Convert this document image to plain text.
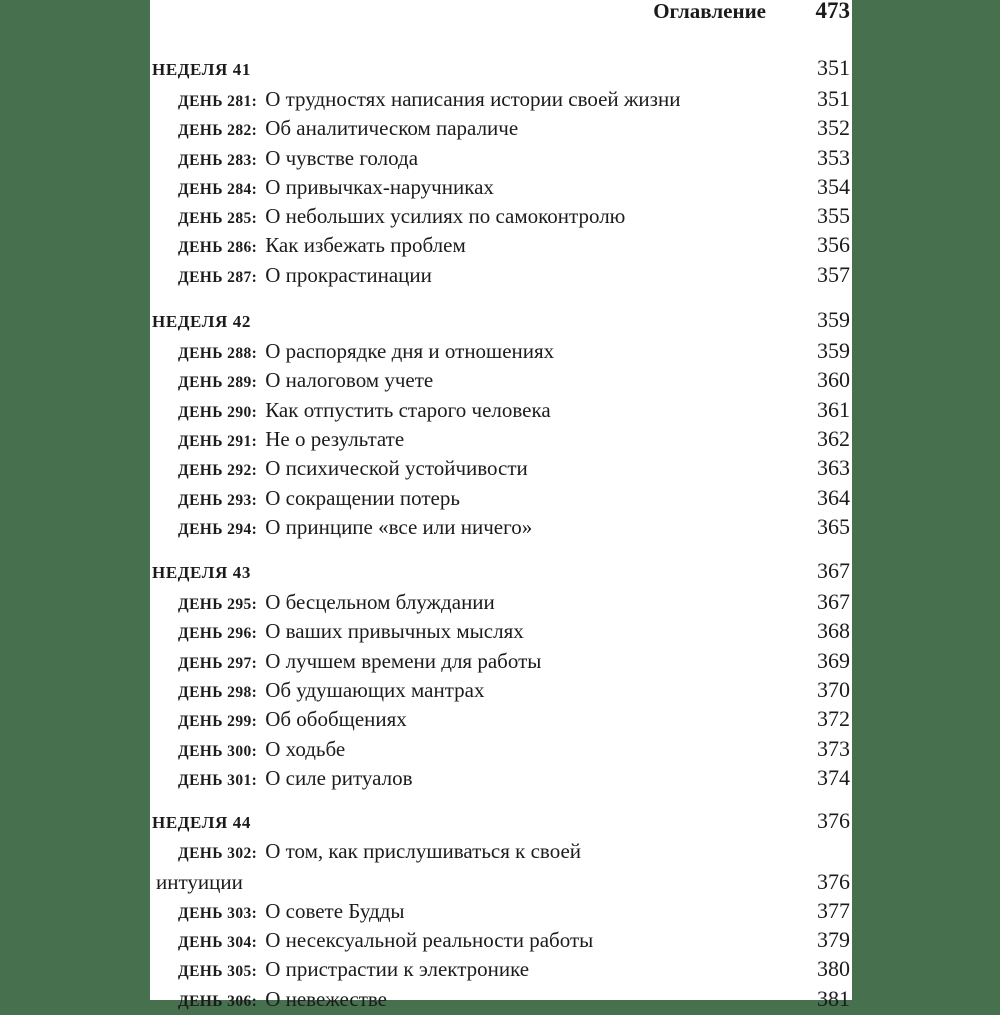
Оглавление	473
НЕДЕЛЯ 41	351
ДЕНЬ 281: О трудностях написания истории своей жизни	351
ДЕНЬ 282: Об аналитическом параличе	352
ДЕНЬ 283: О чувстве голода	353
ДЕНЬ 284: О привычках-наручниках	354
ДЕНЬ 285: О небольших усилиях по самоконтролю	355
ДЕНЬ 286: Как избежать проблем	356
ДЕНЬ 287: О прокрастинации	357
НЕДЕЛЯ 42	359
ДЕНЬ 288: О распорядке дня и отношениях	359
ДЕНЬ 289: О налоговом учете	360
ДЕНЬ 290: Как отпустить старого человека	361
ДЕНЬ 291: Не о результате	362
ДЕНЬ 292: О психической устойчивости	363
ДЕНЬ 293: О сокращении потерь	364
ДЕНЬ 294: О принципе «все или ничего»	365
НЕДЕЛЯ 43	367
ДЕНЬ 295: О бесцельном блуждании	367
ДЕНЬ 296: О ваших привычных мыслях	368
ДЕНЬ 297: О лучшем времени для работы	369
ДЕНЬ 298: Об удушающих мантрах	370
ДЕНЬ 299: Об обобщениях	372
ДЕНЬ 300: О ходьбе	373
ДЕНЬ 301: О силе ритуалов	374
НЕДЕЛЯ 44	376
ДЕНЬ 302: О том, как прислушиваться к своей
интуиции	376
ДЕНЬ 303: О совете Будды	377
ДЕНЬ 304: О несексуальной реальности работы	379
ДЕНЬ 305: О пристрастии к электронике	380
ДЕНЬ 306: О невежестве	381
